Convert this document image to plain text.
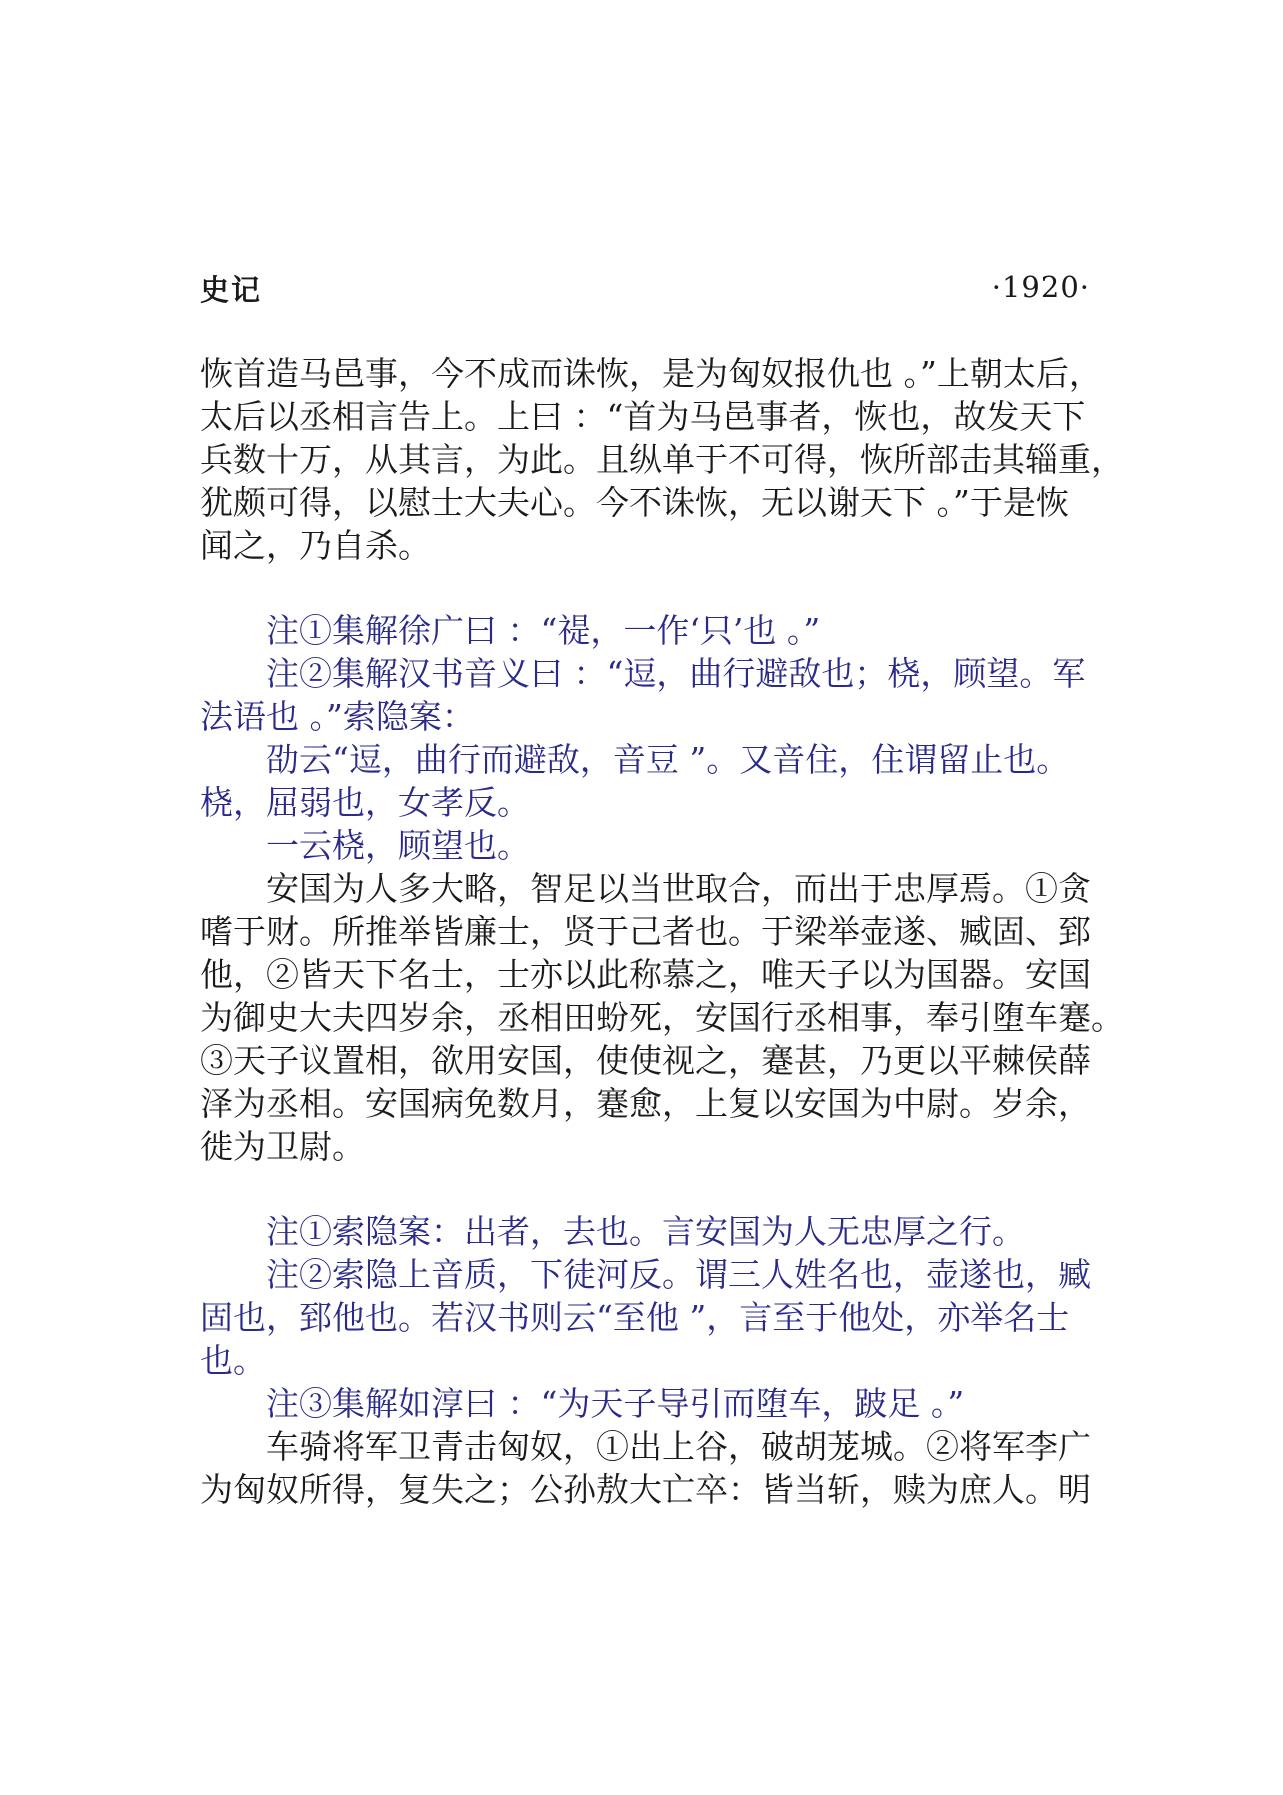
史记	·1920·
恢首造马邑事，今不成而诛恢，是为匈奴报仇也 。”上朝太后，
太后以丞相言告上。上曰 ：“首为马邑事者，恢也，故发天下
兵数十万，从其言，为此。且纵单于不可得，恢所部击其辎重，
犹颇可得，以慰士大夫心。今不诛恢，无以谢天下 。”于是恢
闻之，乃自杀。
　　注①集解徐广曰 ：“禔，一作‘只’也 。”
　　注②集解汉书音义曰 ：“逗，曲行避敌也；桡，顾望。军
法语也 。”索隐案：
　　劭云“逗，曲行而避敌，音豆 ”。又音住，住谓留止也。
桡，屈弱也，女孝反。
　　一云桡，顾望也。
　　安国为人多大略，智足以当世取合，而出于忠厚焉。①贪
嗜于财。所推举皆廉士，贤于己者也。于梁举壶遂、臧固、郅
他，②皆天下名士，士亦以此称慕之，唯天子以为国器。安国
为御史大夫四岁余，丞相田蚡死，安国行丞相事，奉引堕车蹇。
③天子议置相，欲用安国，使使视之，蹇甚，乃更以平棘侯薛
泽为丞相。安国病免数月，蹇愈，上复以安国为中尉。岁余，
徙为卫尉。
　　注①索隐案：出者，去也。言安国为人无忠厚之行。
　　注②索隐上音质，下徒河反。谓三人姓名也，壶遂也，臧
固也，郅他也。若汉书则云“至他 ”，言至于他处，亦举名士
也。
　　注③集解如淳曰 ：“为天子导引而堕车，跛足 。”
　　车骑将军卫青击匈奴，①出上谷，破胡茏城。②将军李广
为匈奴所得，复失之；公孙敖大亡卒：皆当斩，赎为庶人。明
